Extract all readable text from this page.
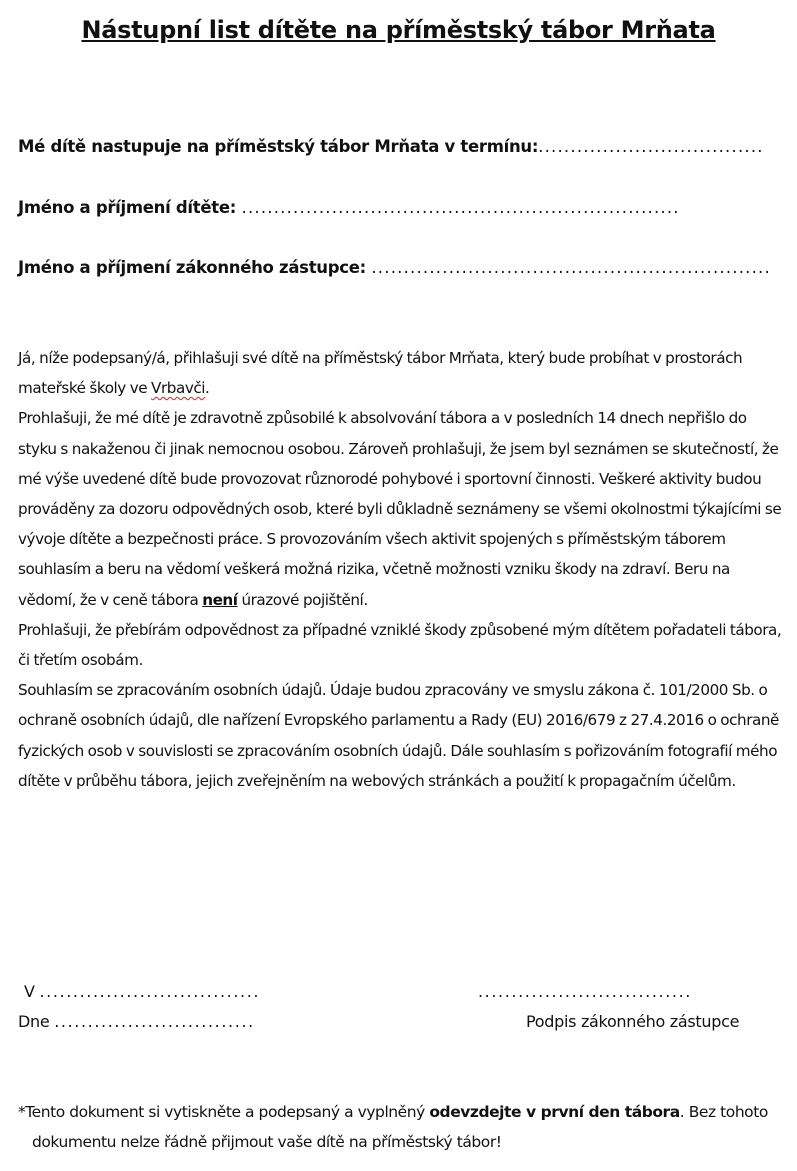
Nástupní list dítěte na příměstský tábor Mrňata
Mé dítě nastupuje na příměstský tábor Mrňata v termínu:...................................
Jméno a příjmení dítěte: ....................................................................
Jméno a příjmení zákonného zástupce: ..............................................................

Já, níže podepsaný/á, přihlašuji své dítě na příměstský tábor Mrňata, který bude probíhat v prostorách mateřské školy ve Vrbavči.

Prohlašuji, že mé dítě je zdravotně způsobilé k absolvování tábora a v posledních 14 dnech nepřišlo do styku s nakaženou či jinak nemocnou osobou. Zároveň prohlašuji, že jsem byl seznámen se skutečností, že mé výše uvedené dítě bude provozovat různorodé pohybové i sportovní činnosti. Veškeré aktivity budou prováděny za dozoru odpovědných osob, které byli důkladně seznámeny se všemi okolnostmi týkajícími se vývoje dítěte a bezpečnosti práce. S provozováním všech aktivit spojených s příměstským táborem souhlasím a beru na vědomí veškerá možná rizika, včetně možnosti vzniku škody na zdraví. Beru na vědomí, že v ceně tábora není úrazové pojištění.

Prohlašuji, že přebírám odpovědnost za případné vzniklé škody způsobené mým dítětem pořadateli tábora, či třetím osobám.

Souhlasím se zpracováním osobních údajů. Údaje budou zpracovány ve smyslu zákona č. 101/2000 Sb. o ochraně osobních údajů, dle nařízení Evropského parlamentu a Rady (EU) 2016/679 z 27.4.2016 o ochraně fyzických osob v souvislosti se zpracováním osobních údajů. Dále souhlasím s pořizováním fotografií mého dítěte v průběhu tábora, jejich zveřejněním na webových stránkách a použití k propagačním účelům.

V .................................
Dne ..............................
................................
Podpis zákonného zástupce
*Tento dokument si vytiskněte a podepsaný a vyplněný odevzdejte v první den tábora. Bez tohoto
dokumentu nelze řádně přijmout vaše dítě na příměstský tábor!
